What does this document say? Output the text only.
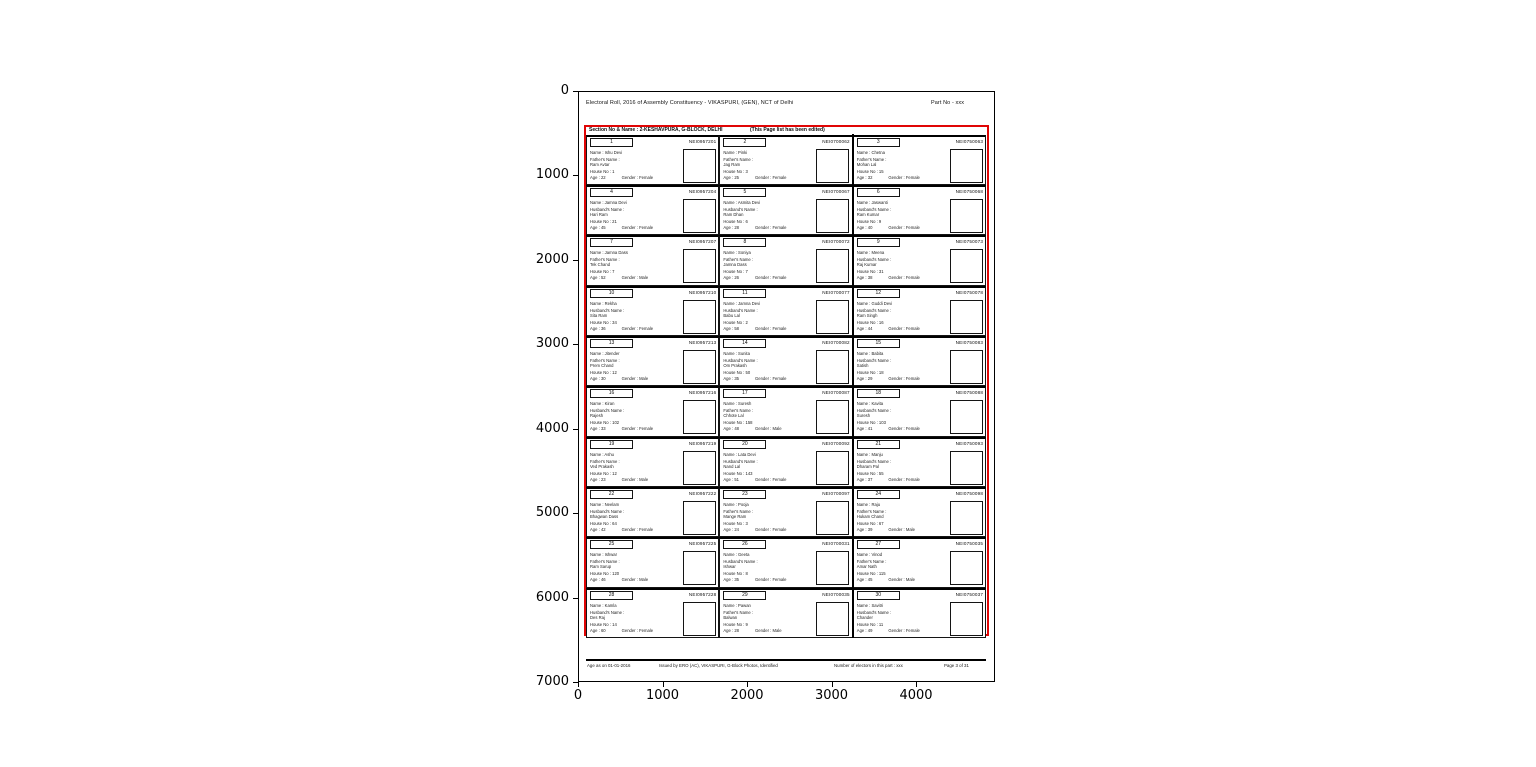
0
1000
2000
3000
4000
5000
6000
7000
0	1000	2000	3000	4000
Electoral Roll, 2016 of Assembly Constituency - VIKASPURI, (GEN), NCT of Delhi	Part No - xxx
Section No & Name : 2-KESHAVPURA, G-BLOCK, DELHI	(This Page list has been edited)
1	NEI0957201
Name : Ishu Devi
Father's Name :
Ram Avtar
House No : 1
Age : 22	Gender : Female
2	NEI0700062
Name : Pinki
Father's Name :
Jag Ram
House No : 3
Age : 25	Gender : Female
3	NEI0750063
Name : Chetna
Father's Name :
Mohan Lal
House No : 15
Age : 32	Gender : Female
4	NEI0957204
Name : Jamna Devi
Husband's Name :
Hari Ram
House No : 21
Age : 45	Gender : Female
5	NEI0700067
Name : Asmita Devi
Husband's Name :
Ram Dhan
House No : 6
Age : 28	Gender : Female
6	NEI0750068
Name : Jaswanti
Husband's Name :
Ram Kumar
House No : 9
Age : 40	Gender : Female
7	NEI0957207
Name : Jamna Dass
Father's Name :
Tek Chand
House No : 7
Age : 52	Gender : Male
8	NEI0700072
Name : Soniya
Father's Name :
Jamna Dass
House No : 7
Age : 26	Gender : Female
9	NEI0750073
Name : Meena
Husband's Name :
Raj Kumar
House No : 31
Age : 38	Gender : Female
10	NEI0957210
Name : Rekha
Husband's Name :
Sita Ram
House No : 34
Age : 36	Gender : Female
11	NEI0700077
Name : Jamna Devi
Husband's Name :
Babu Lal
House No : 2
Age : 58	Gender : Female
12	NEI0750078
Name : Guddi Devi
Husband's Name :
Ram Singh
House No : 16
Age : 44	Gender : Female
13	NEI0957213
Name : Jitender
Father's Name :
Prem Chand
House No : 12
Age : 30	Gender : Male
14	NEI0700082
Name : Sunita
Husband's Name :
Om Prakash
House No : 50
Age : 35	Gender : Female
15	NEI0750083
Name : Babita
Husband's Name :
Satish
House No : 18
Age : 29	Gender : Female
16	NEI0957216
Name : Kiran
Husband's Name :
Rajesh
House No : 102
Age : 33	Gender : Female
17	NEI0700087
Name : Suresh
Father's Name :
Chhote Lal
House No : 158
Age : 48	Gender : Male
18	NEI0750088
Name : Kavita
Husband's Name :
Suresh
House No : 103
Age : 41	Gender : Female
19	NEI0957219
Name : Ashu
Father's Name :
Ved Prakash
House No : 12
Age : 23	Gender : Male
20	NEI0700092
Name : Lata Devi
Husband's Name :
Nand Lal
House No : 143
Age : 51	Gender : Female
21	NEI0750093
Name : Manju
Husband's Name :
Dharam Pal
House No : 55
Age : 37	Gender : Female
22	NEI0957222
Name : Neelam
Husband's Name :
Bhagwan Dass
House No : 64
Age : 42	Gender : Female
23	NEI0700097
Name : Pooja
Father's Name :
Mange Ram
House No : 3
Age : 24	Gender : Female
24	NEI0750098
Name : Raju
Father's Name :
Hukam Chand
House No : 67
Age : 39	Gender : Male
25	NEI0957225
Name : Ishwar
Father's Name :
Ram Sarup
House No : 120
Age : 46	Gender : Male
26	NEI0700031
Name : Geeta
Husband's Name :
Ishwar
House No : 8
Age : 35	Gender : Female
27	NEI0750035
Name : Vinod
Father's Name :
Amar Nath
House No : 115
Age : 45	Gender : Male
28	NEI0957228
Name : Kamla
Husband's Name :
Des Raj
House No : 14
Age : 60	Gender : Female
29	NEI0700035
Name : Pawan
Father's Name :
Balwan
House No : 9
Age : 28	Gender : Male
30	NEI0750037
Name : Savitri
Husband's Name :
Chander
House No : 11
Age : 49	Gender : Female
Age as on 01-01-2016	Issued by ERO (AC), VIKASPURI, G-Block Photos, Identified	Number of electors in this part : xxx	Page 3 of 31
